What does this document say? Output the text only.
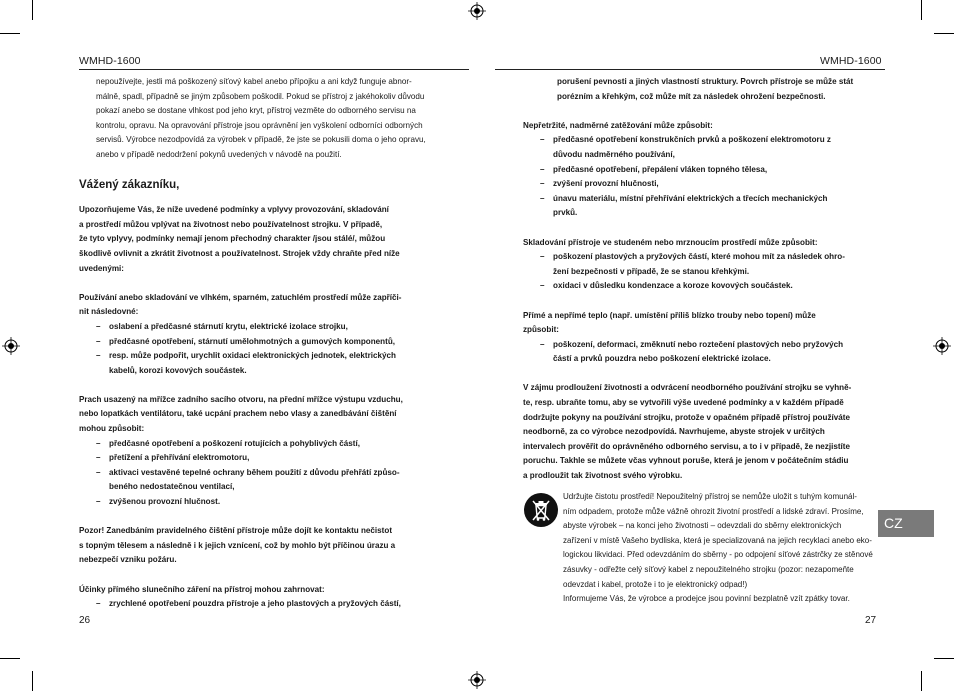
WMHD-1600
nepoužívejte, jestli má poškozený síťový kabel anebo přípojku a ani když funguje abnor-
málně, spadl, případně se jiným způsobem poškodil. Pokud se přístroj z jakéhokoliv důvodu
pokazí anebo se dostane vlhkost pod jeho kryt, přístroj vezměte do odborného servisu na
kontrolu, opravu. Na opravování přístroje jsou oprávnění jen vyškolení odborníci odborných
servisů. Výrobce nezodpovídá za výrobek v případě, že jste se pokusili doma o jeho opravu,
anebo v případě nedodržení pokynů uvedených v návodě na použití.
Vážený zákazníku,
Upozorňujeme Vás, že níže uvedené podmínky a vplyvy provozování, skladování
a prostředí můžou vplývat na životnost nebo používatelnost strojku. V případě,
že tyto vplyvy, podmínky nemají jenom přechodný charakter /jsou stálé/, můžou
škodlivě ovlivnit a zkrátit životnost a používatelnost. Strojek vždy chraňte před níže
uvedenými:
Používání anebo skladování ve vlhkém, sparném, zatuchlém prostředí může zapříči-
nit následovné:
–	oslabení a předčasné stárnutí krytu, elektrické izolace strojku,
–	předčasné opotřebení, stárnutí umělohmotných a gumových komponentů,
–	resp. může podpořit, urychlit oxidaci elektronických jednotek, elektrických
kabelů, korozi kovových součástek.
Prach usazený na mřížce zadního sacího otvoru, na přední mřížce výstupu vzduchu,
nebo lopatkách ventilátoru, také ucpání prachem nebo vlasy a zanedbávání čištění
mohou způsobit:
–	předčasné opotřebení a poškození rotujících a pohyblivých částí,
–	přetížení a přehřívání elektromotoru,
–	aktivaci vestavěné tepelné ochrany během použití z důvodu přehřátí způso-
beného nedostatečnou ventilací,
–	zvýšenou provozní hlučnost.
Pozor! Zanedbáním pravidelného čištění přístroje může dojít ke kontaktu nečistot
s topným tělesem a následně i k jejich vznícení, což by mohlo být příčinou úrazu a
nebezpečí vzniku požáru.
Účinky přímého slunečního záření na přístroj mohou zahrnovat:
–	zrychlené opotřebení pouzdra přístroje a jeho plastových a pryžových částí,
26
WMHD-1600
porušení pevnosti a jiných vlastností struktury. Povrch přístroje se může stát
porézním a křehkým, což může mít za následek ohrožení bezpečnosti.
Nepřetržité, nadměrné zatěžování může způsobit:
–	předčasné opotřebení konstrukčních prvků a poškození elektromotoru z
důvodu nadměrného používání,
–	předčasné opotřebení, přepálení vláken topného tělesa,
–	zvýšení provozní hlučnosti,
–	únavu materiálu, místní přehřívání elektrických a třecích mechanických
prvků.
Skladování přístroje ve studeném nebo mrznoucím prostředí může způsobit:
–	poškození plastových a pryžových částí, které mohou mít za následek ohro-
žení bezpečnosti v případě, že se stanou křehkými.
–	oxidaci v důsledku kondenzace a koroze kovových součástek.
Přímé a nepřímé teplo (např. umístění příliš blízko trouby nebo topení) může
způsobit:
–	poškození, deformaci, změknutí nebo roztečení plastových nebo pryžových
částí a prvků pouzdra nebo poškození elektrické izolace.
V zájmu prodloužení životnosti a odvrácení neodborného používání strojku se vyhně-
te, resp. ubraňte tomu, aby se vytvořili výše uvedené podmínky a v každém případě
dodržujte pokyny na používání strojku, protože v opačném případě přístroj používáte
neodborně, za co výrobce nezodpovídá. Navrhujeme, abyste strojek v určitých
intervalech prověřit do oprávněného odborného servisu, a to i v případě, že nezjistíte
poruchu. Takhle se můžete včas vyhnout poruše, která je jenom v počátečním stádiu
a prodloužit tak životnost svého výrobku.
27
Udržujte čistotu prostředí! Nepoužitelný přístroj se nemůže uložit s tuhým komunál-
ním odpadem, protože může vážně ohrozit životní prostředí a lidské zdraví. Prosíme,
abyste výrobek – na konci jeho životnosti – odevzdali do sběrny elektronických
zařízení v místě Vašeho bydliska, která je specializovaná na jejich recyklaci anebo eko-
logickou likvidaci. Před odevzdáním do sběrny - po odpojení síťové zástrčky ze stěnové
zásuvky - odřežte celý síťový kabel z nepoužitelného strojku (pozor: nezapomeňte
odevzdat i kabel, protože i to je elektronický odpad!)
Informujeme Vás, že výrobce a prodejce jsou povinní bezplatně vzít zpátky tovar.
CZ
